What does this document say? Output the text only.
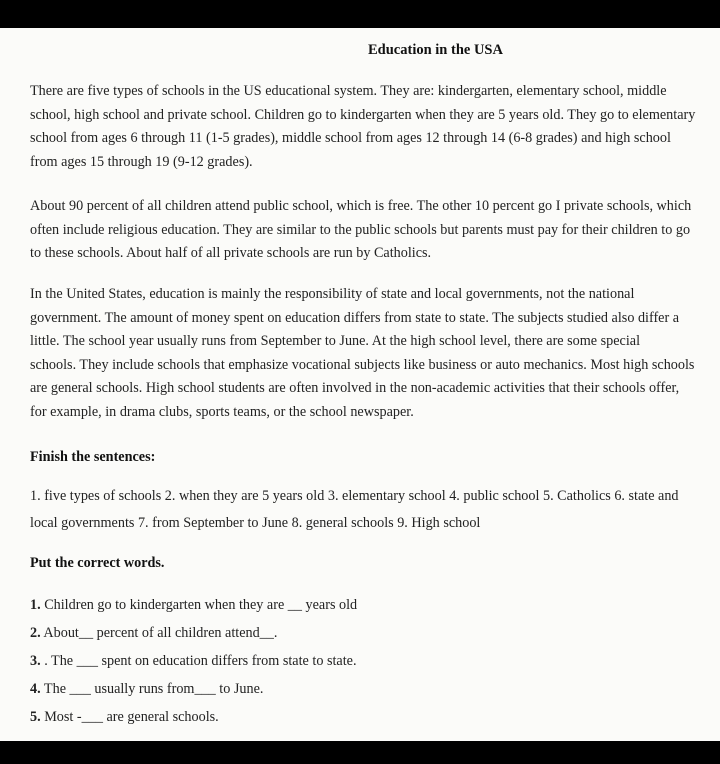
Education in the USA
There are five types of schools in the US educational system. They are: kindergarten, elementary school, middle
school, high school and private school. Children go to kindergarten when they are 5 years old. They go to elementary
school from ages 6 through 11 (1-5 grades), middle school from ages 12 through 14 (6-8 grades) and high school
from ages 15 through 19 (9-12 grades).
About 90 percent of all children attend public school, which is free. The other 10 percent go I private schools, which
often include religious education. They are similar to the public schools but parents must pay for their children to go
to these schools. About half of all private schools are run by Catholics.
In the United States, education is mainly the responsibility of state and local governments, not the national
government. The amount of money spent on education differs from state to state. The subjects studied also differ a
little. The school year usually runs from September to June. At the high school level, there are some special
schools. They include schools that emphasize vocational subjects like business or auto mechanics. Most high schools
are general schools. High school students are often involved in the non-academic activities that their schools offer,
for example, in drama clubs, sports teams, or the school newspaper.
Finish the sentences:
1. five types of schools 2. when they are 5 years old 3. elementary school 4. public school 5. Catholics 6. state and
local governments 7. from September to June 8. general schools 9. High school
Put the correct words.
1. Children go to kindergarten when they are __ years old
2. About__ percent of all children attend__.
3. . The ___ spent on education differs from state to state.
4. The ___ usually runs from___ to June.
5. Most -___ are general schools.
